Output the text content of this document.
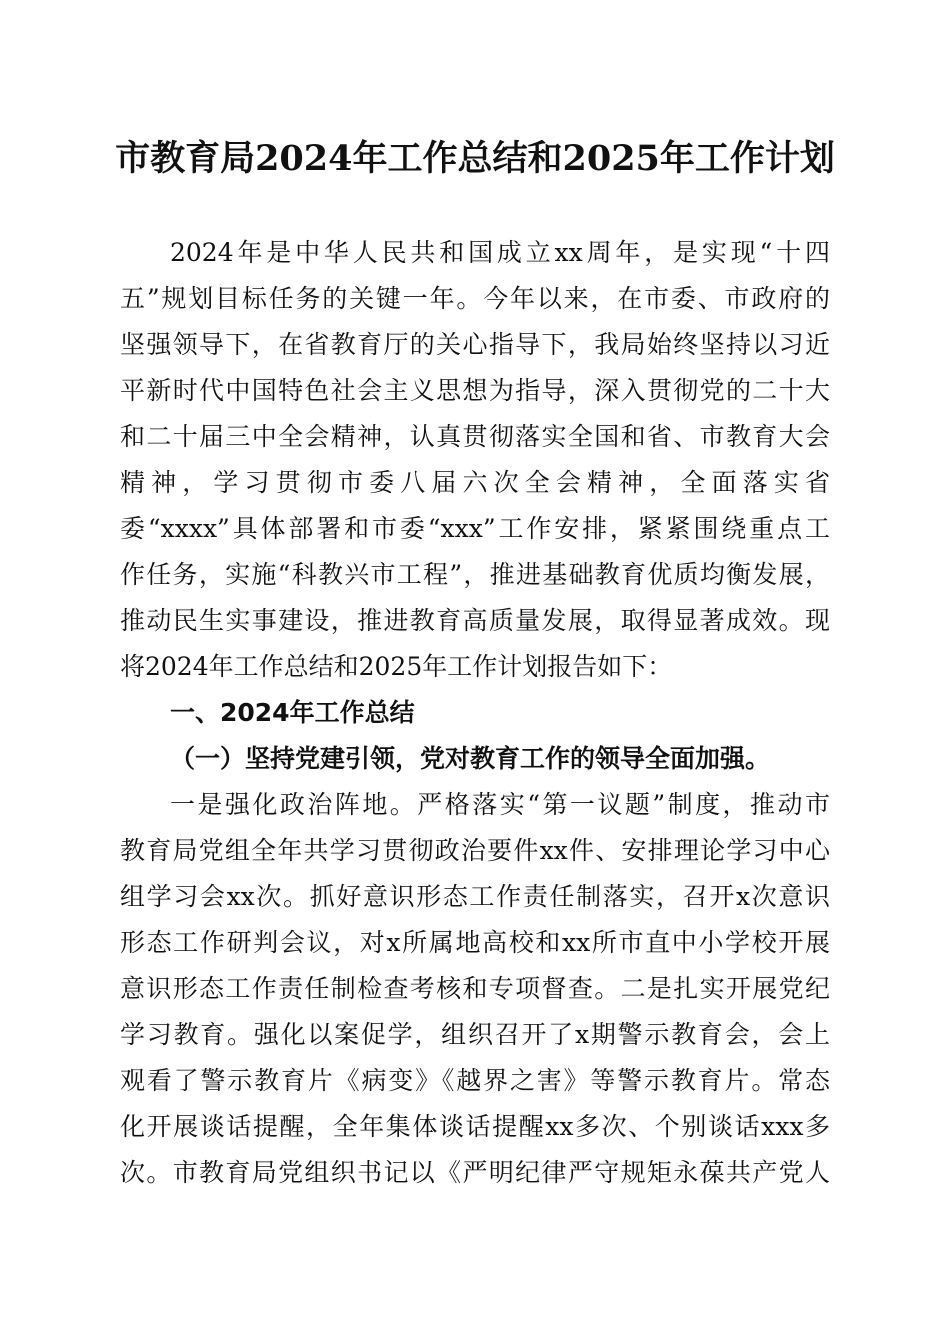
市教育局2024年工作总结和2025年工作计划
2024年是中华人民共和国成立xx周年，是实现“十四
五”规划目标任务的关键一年。今年以来，在市委、市政府的
坚强领导下，在省教育厅的关心指导下，我局始终坚持以习近
平新时代中国特色社会主义思想为指导，深入贯彻党的二十大
和二十届三中全会精神，认真贯彻落实全国和省、市教育大会
精神，学习贯彻市委八届六次全会精神，全面落实省
委“xxxx”具体部署和市委“xxx”工作安排，紧紧围绕重点工
作任务，实施“科教兴市工程”，推进基础教育优质均衡发展，
推动民生实事建设，推进教育高质量发展，取得显著成效。现
将2024年工作总结和2025年工作计划报告如下：
一、2024年工作总结
（一）坚持党建引领，党对教育工作的领导全面加强。
一是强化政治阵地。严格落实“第一议题”制度，推动市
教育局党组全年共学习贯彻政治要件xx件、安排理论学习中心
组学习会xx次。抓好意识形态工作责任制落实，召开x次意识
形态工作研判会议，对x所属地高校和xx所市直中小学校开展
意识形态工作责任制检查考核和专项督查。二是扎实开展党纪
学习教育。强化以案促学，组织召开了x期警示教育会，会上
观看了警示教育片《病变》《越界之害》等警示教育片。常态
化开展谈话提醒，全年集体谈话提醒xx多次、个别谈话xxx多
次。市教育局党组织书记以《严明纪律严守规矩永葆共产党人
